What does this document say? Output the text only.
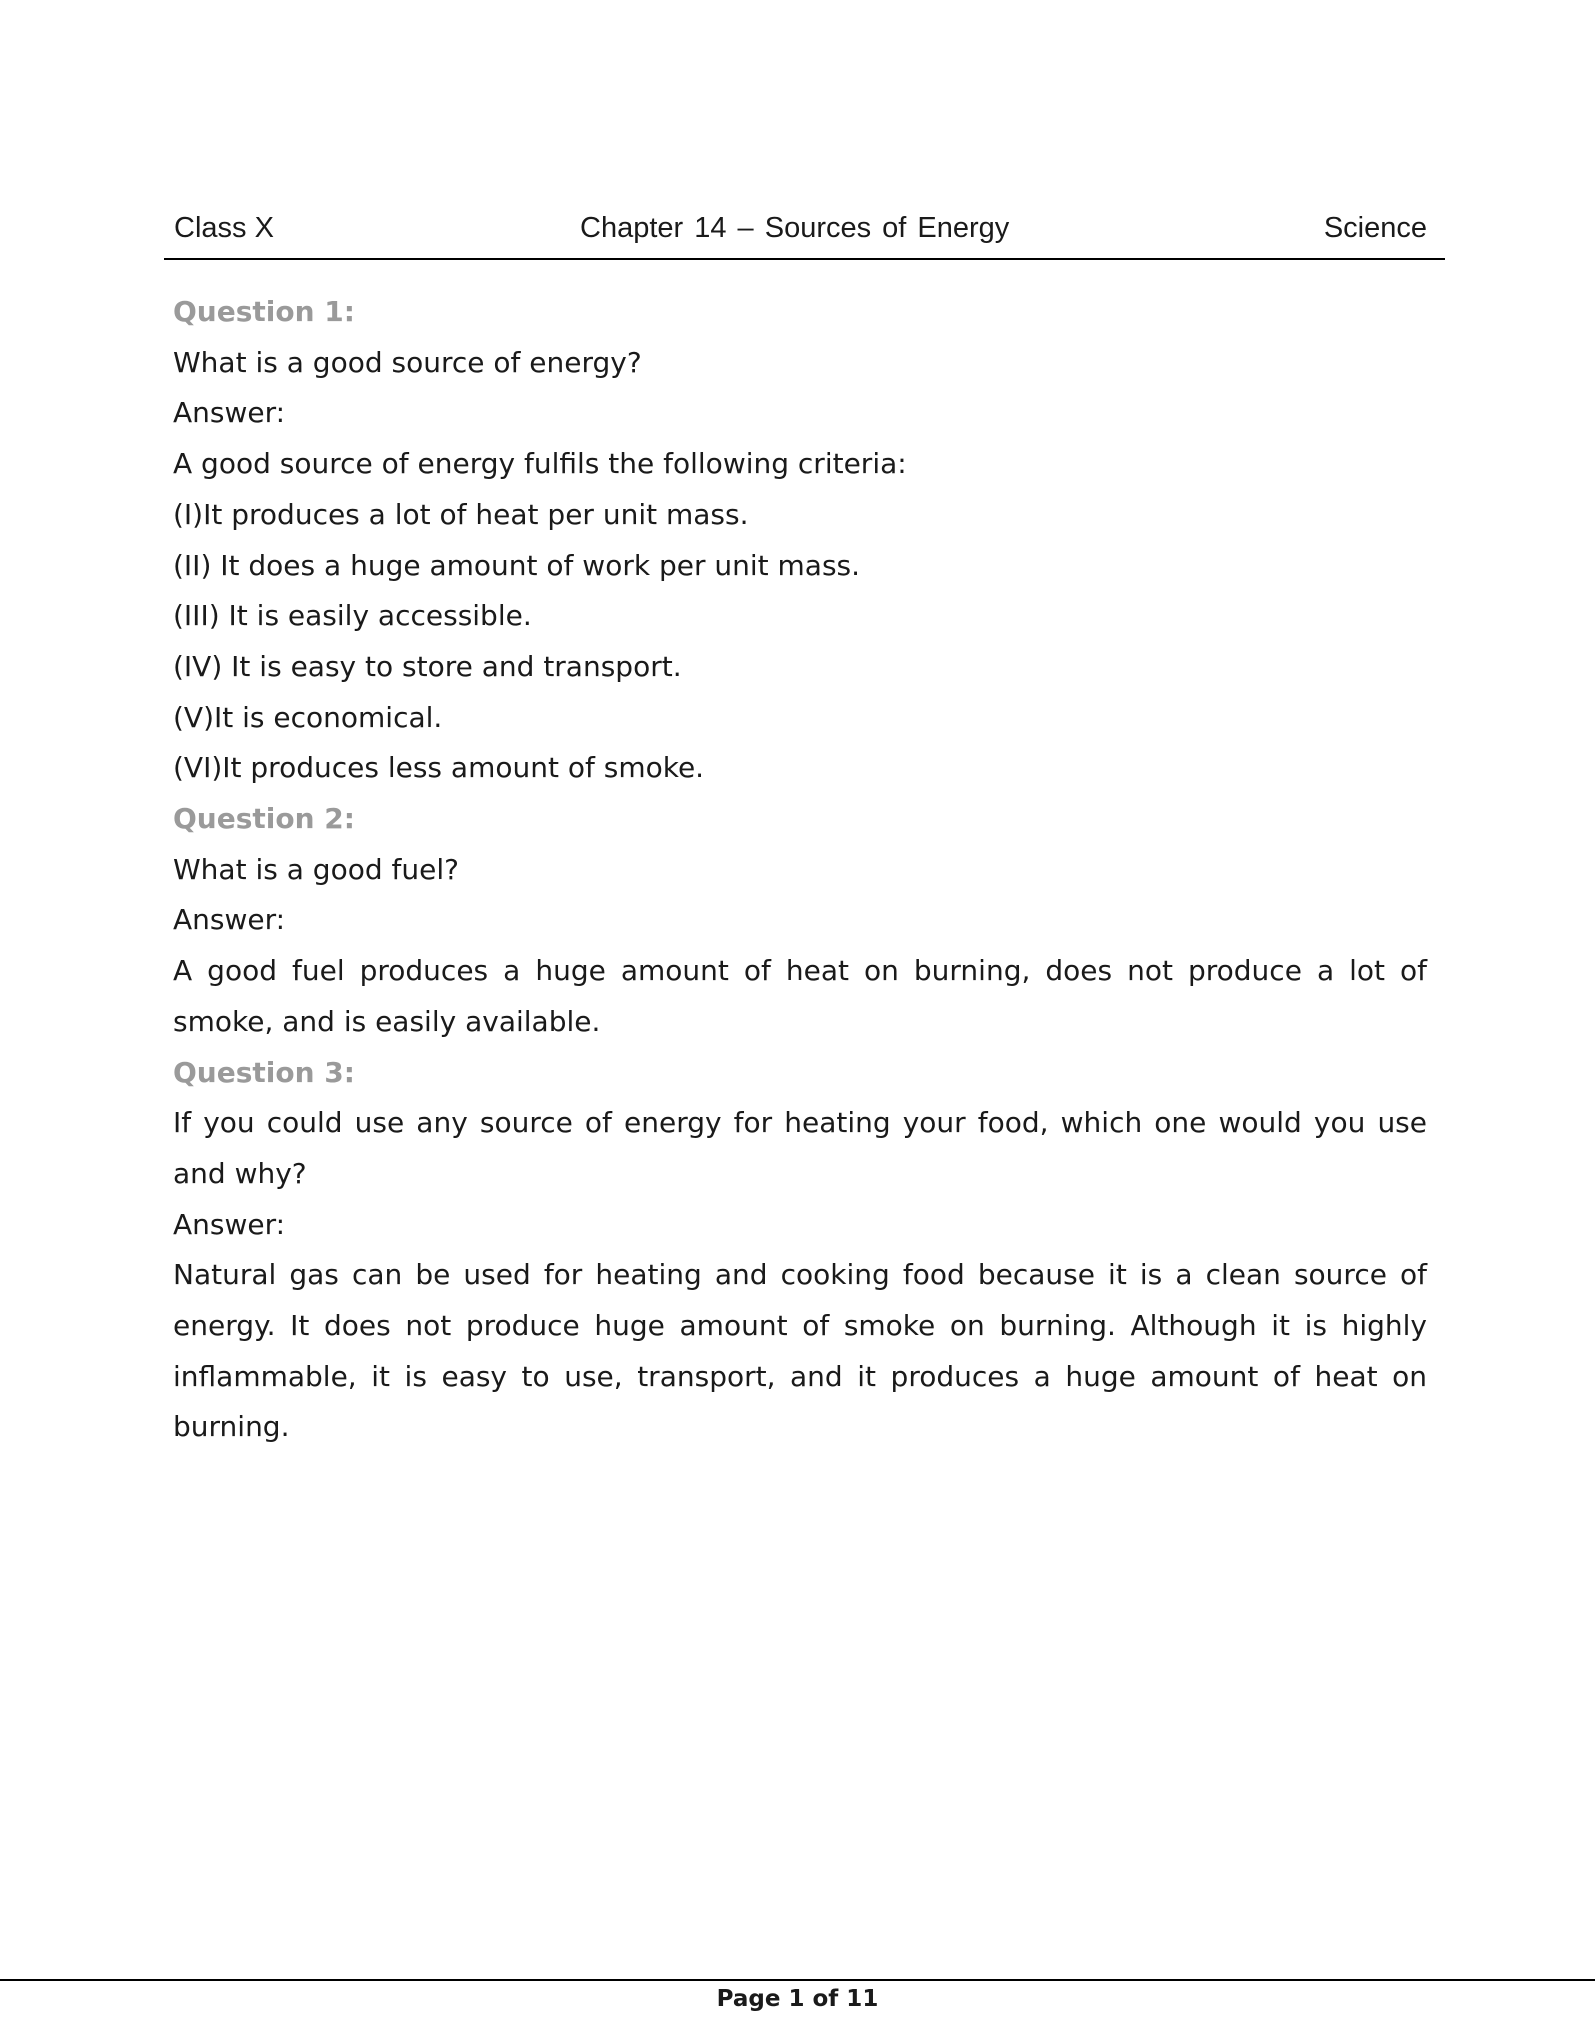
Class X	Chapter 14 – Sources of Energy	Science

Question 1:

What is a good source of energy?

Answer:

A good source of energy fulfils the following criteria:

(I)It produces a lot of heat per unit mass.

(II) It does a huge amount of work per unit mass.

(III) It is easily accessible.

(IV) It is easy to store and transport.

(V)It is economical.

(VI)It produces less amount of smoke.

Question 2:

What is a good fuel?

Answer:

A good fuel produces a huge amount of heat on burning, does not produce a lot of smoke, and is easily available.

Question 3:

If you could use any source of energy for heating your food, which one would you use and why?

Answer:

Natural gas can be used for heating and cooking food because it is a clean source of energy. It does not produce huge amount of smoke on burning. Although it is highly inflammable, it is easy to use, transport, and it produces a huge amount of heat on burning.

Page 1 of 11
